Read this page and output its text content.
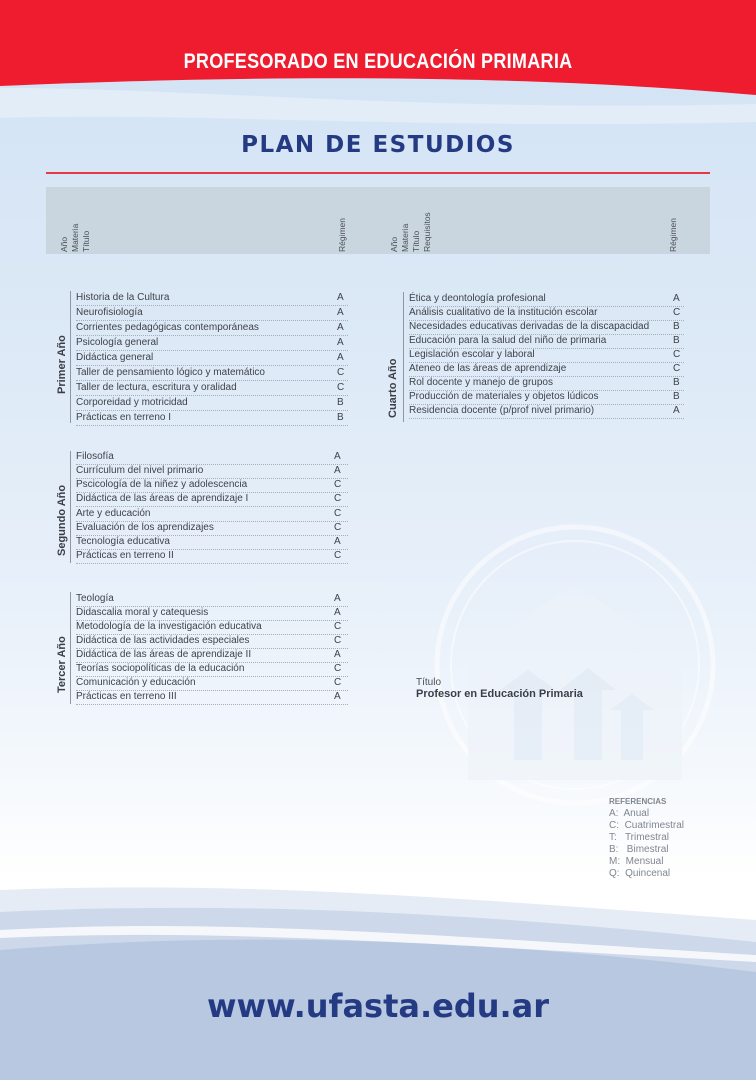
PROFESORADO EN EDUCACIÓN PRIMARIA
PLAN DE ESTUDIOS
Año Materia Título	Régimen	Año Materia Título Requisitos	Régimen
Primer Año
Historia de la Cultura	A
Neurofisiología	A
Corrientes pedagógicas contemporáneas	A
Psicología general	A
Didáctica general	A
Taller de pensamiento lógico y matemático	C
Taller de lectura, escritura y oralidad	C
Corporeidad y motricidad	B
Prácticas en terreno I	B
Segundo Año
Filosofía	A
Currículum del nivel primario	A
Pscicología de la niñez y adolescencia	C
Didáctica de las áreas de aprendizaje I	C
Arte y educación	C
Evaluación de los aprendizajes	C
Tecnología educativa	A
Prácticas en terreno II	C
Tercer Año
Teología	A
Didascalia moral y catequesis	A
Metodología de la investigación educativa	C
Didáctica de las actividades especiales	C
Didáctica de las áreas de aprendizaje II	A
Teorías sociopolíticas de la educación	C
Comunicación y educación	C
Prácticas en terreno III	A
Cuarto Año
Ética y deontología profesional	A
Análisis cualitativo de la institución escolar	C
Necesidades educativas derivadas de la discapacidad B
Educación para la salud del niño de primaria	B
Legislación escolar y laboral	C
Ateneo de las áreas de aprendizaje	C
Rol docente y manejo de grupos	B
Producción de materiales y objetos lúdicos	B
Residencia docente (p/prof nivel primario)	A
Título
Profesor en Educación Primaria
REFERENCIAS
A: Anual
C: Cuatrimestral
T: Trimestral
B: Bimestral
M: Mensual
Q: Quincenal
www.ufasta.edu.ar
